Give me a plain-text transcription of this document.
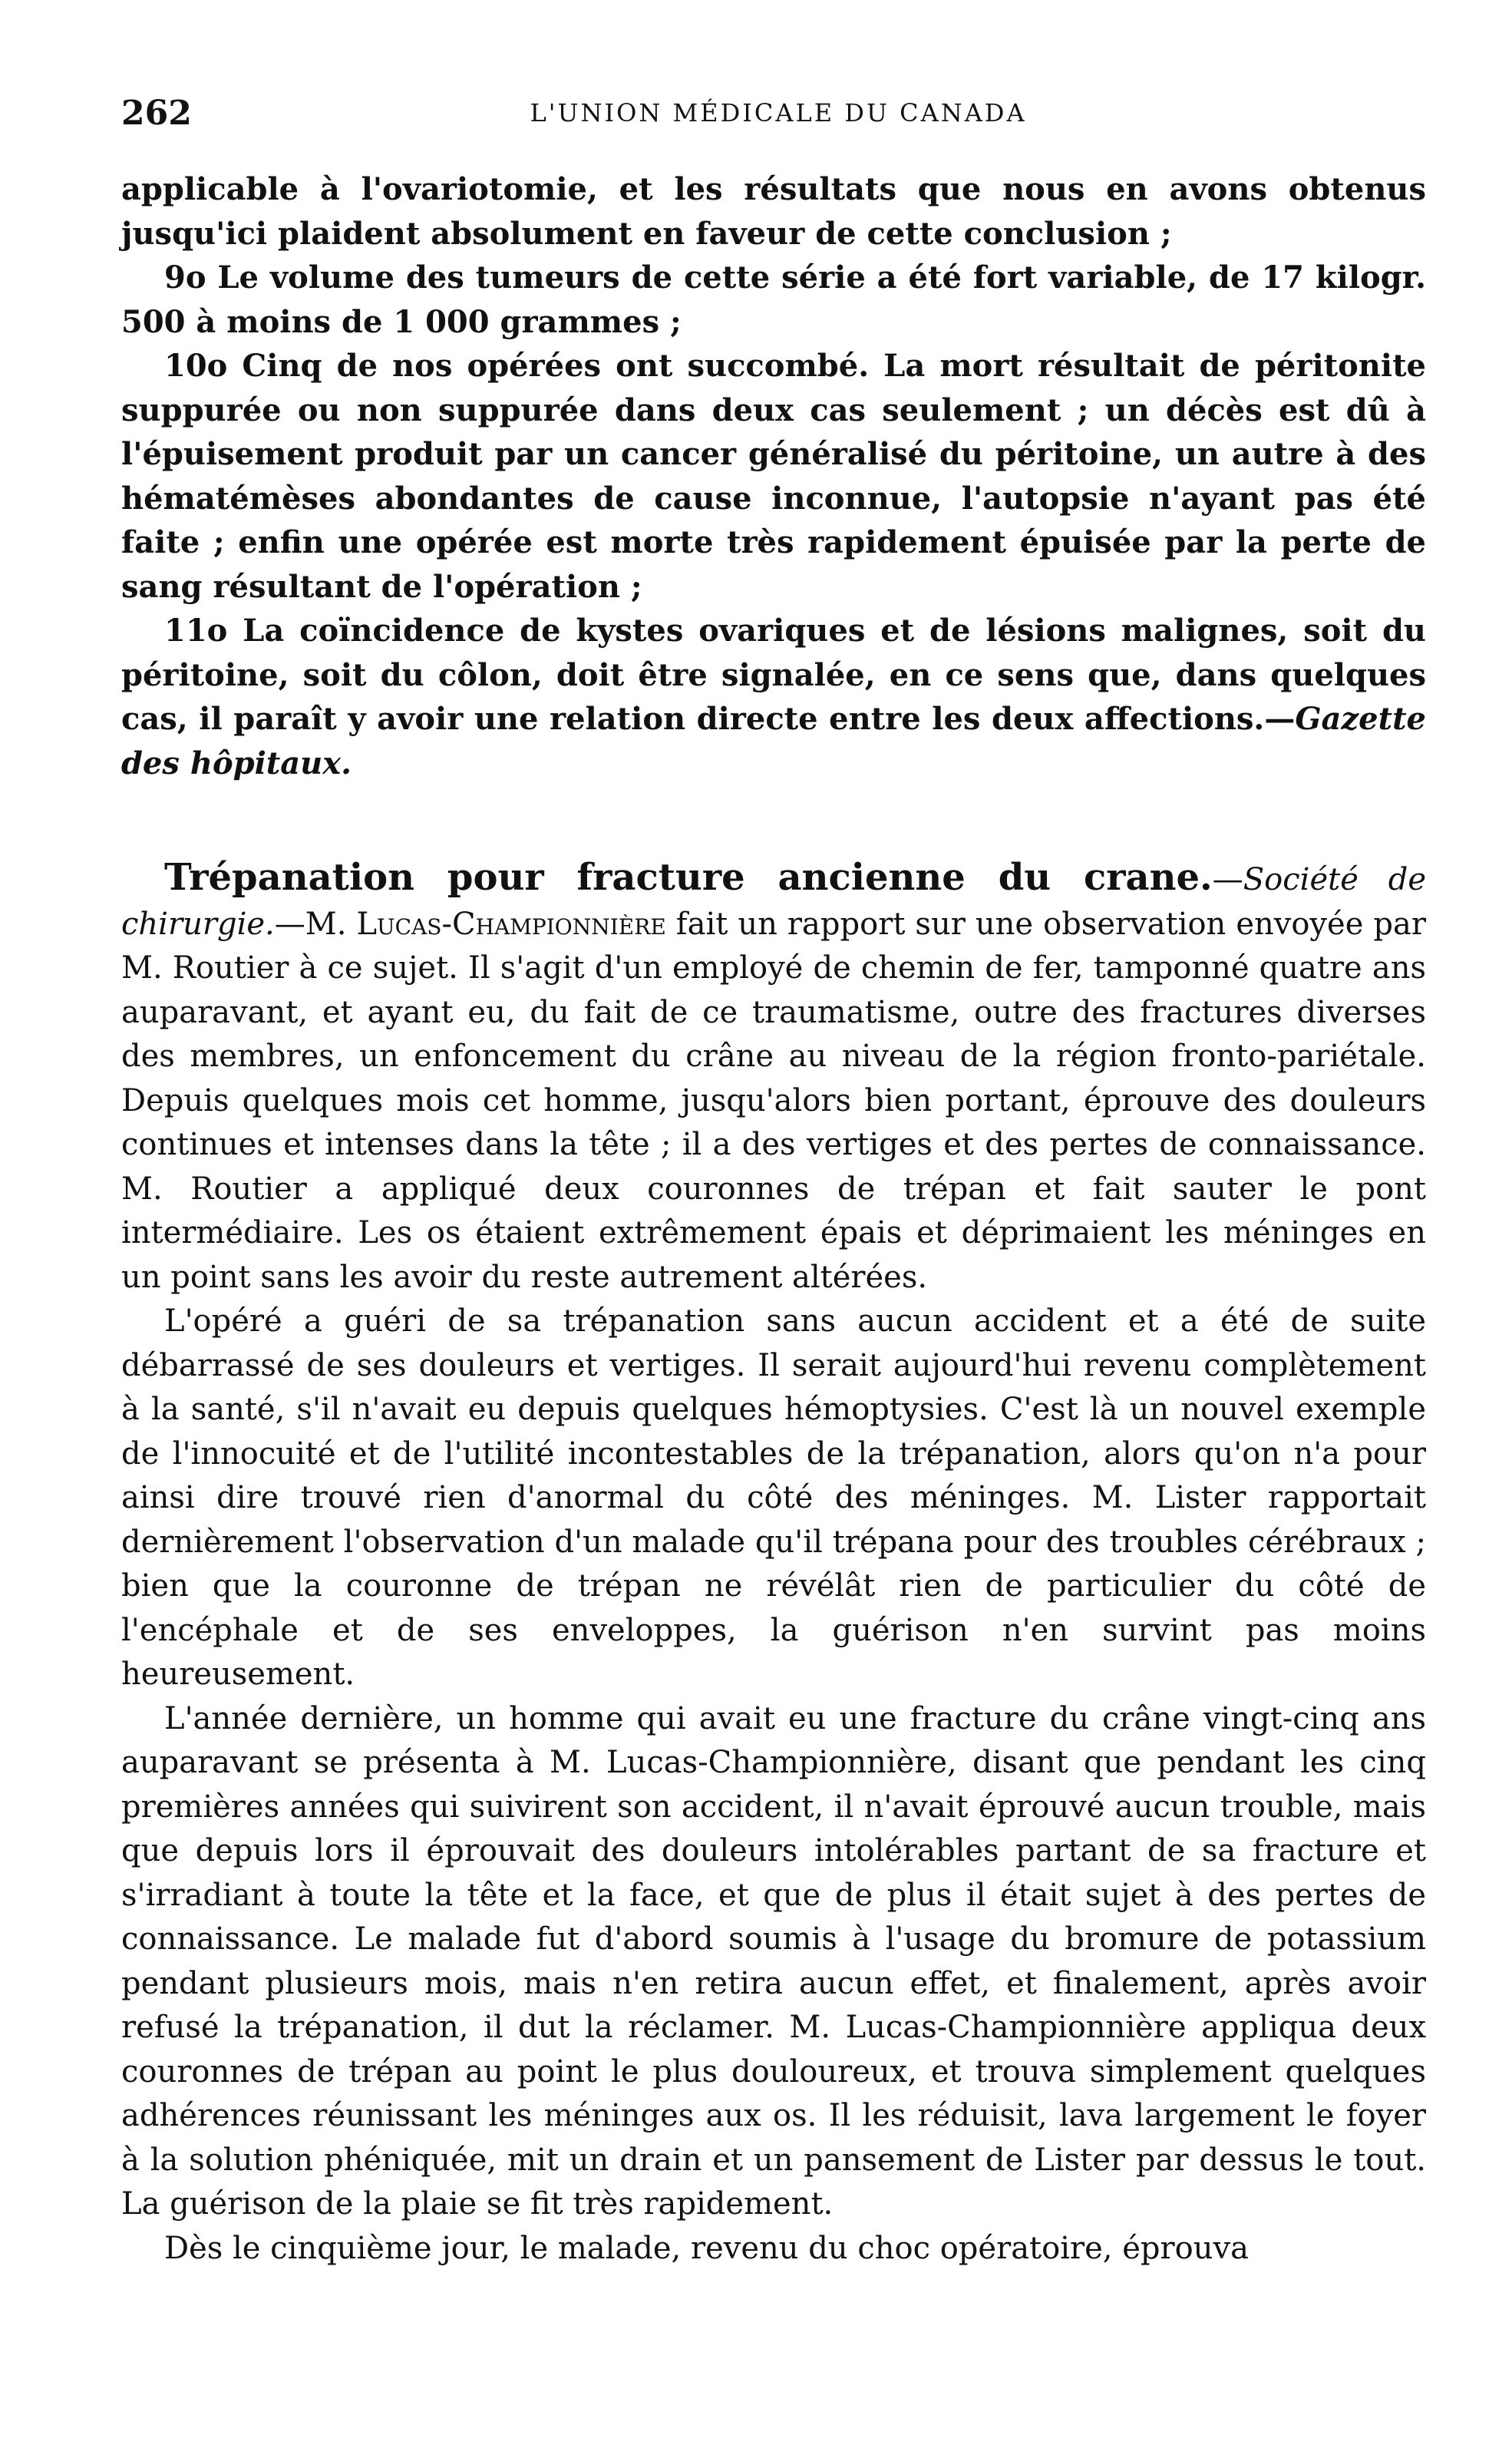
262	L'UNION MÉDICALE DU CANADA

applicable à l'ovariotomie, et les résultats que nous en avons obtenus jusqu'ici plaident absolument en faveur de cette conclusion ;

9o Le volume des tumeurs de cette série a été fort variable, de 17 kilogr. 500 à moins de 1 000 grammes ;

10o Cinq de nos opérées ont succombé. La mort résultait de péritonite suppurée ou non suppurée dans deux cas seulement ; un décès est dû à l'épuisement produit par un cancer généralisé du péritoine, un autre à des hématémèses abondantes de cause inconnue, l'autopsie n'ayant pas été faite ; enfin une opérée est morte très rapidement épuisée par la perte de sang résultant de l'opération ;

11o La coïncidence de kystes ovariques et de lésions malignes, soit du péritoine, soit du côlon, doit être signalée, en ce sens que, dans quelques cas, il paraît y avoir une relation directe entre les deux affections.—Gazette des hôpitaux.

Trépanation pour fracture ancienne du crane.—Société de chirurgie.—M. Lucas-Championnière fait un rapport sur une observation envoyée par M. Routier à ce sujet. Il s'agit d'un employé de chemin de fer, tamponné quatre ans auparavant, et ayant eu, du fait de ce traumatisme, outre des fractures diverses des membres, un enfoncement du crâne au niveau de la région fronto-pariétale. Depuis quelques mois cet homme, jusqu'alors bien portant, éprouve des douleurs continues et intenses dans la tête ; il a des vertiges et des pertes de connaissance. M. Routier a appliqué deux couronnes de trépan et fait sauter le pont intermédiaire. Les os étaient extrêmement épais et déprimaient les méninges en un point sans les avoir du reste autrement altérées.

L'opéré a guéri de sa trépanation sans aucun accident et a été de suite débarrassé de ses douleurs et vertiges. Il serait aujourd'hui revenu complètement à la santé, s'il n'avait eu depuis quelques hémoptysies. C'est là un nouvel exemple de l'innocuité et de l'utilité incontestables de la trépanation, alors qu'on n'a pour ainsi dire trouvé rien d'anormal du côté des méninges. M. Lister rapportait dernièrement l'observation d'un malade qu'il trépana pour des troubles cérébraux ; bien que la couronne de trépan ne révélât rien de particulier du côté de l'encéphale et de ses enveloppes, la guérison n'en survint pas moins heureusement.

L'année dernière, un homme qui avait eu une fracture du crâne vingt-cinq ans auparavant se présenta à M. Lucas-Championnière, disant que pendant les cinq premières années qui suivirent son accident, il n'avait éprouvé aucun trouble, mais que depuis lors il éprouvait des douleurs intolérables partant de sa fracture et s'irradiant à toute la tête et la face, et que de plus il était sujet à des pertes de connaissance. Le malade fut d'abord soumis à l'usage du bromure de potassium pendant plusieurs mois, mais n'en retira aucun effet, et finalement, après avoir refusé la trépanation, il dut la réclamer. M. Lucas-Championnière appliqua deux couronnes de trépan au point le plus douloureux, et trouva simplement quelques adhérences réunissant les méninges aux os. Il les réduisit, lava largement le foyer à la solution phéniquée, mit un drain et un pansement de Lister par dessus le tout. La guérison de la plaie se fit très rapidement.

Dès le cinquième jour, le malade, revenu du choc opératoire, éprouva
